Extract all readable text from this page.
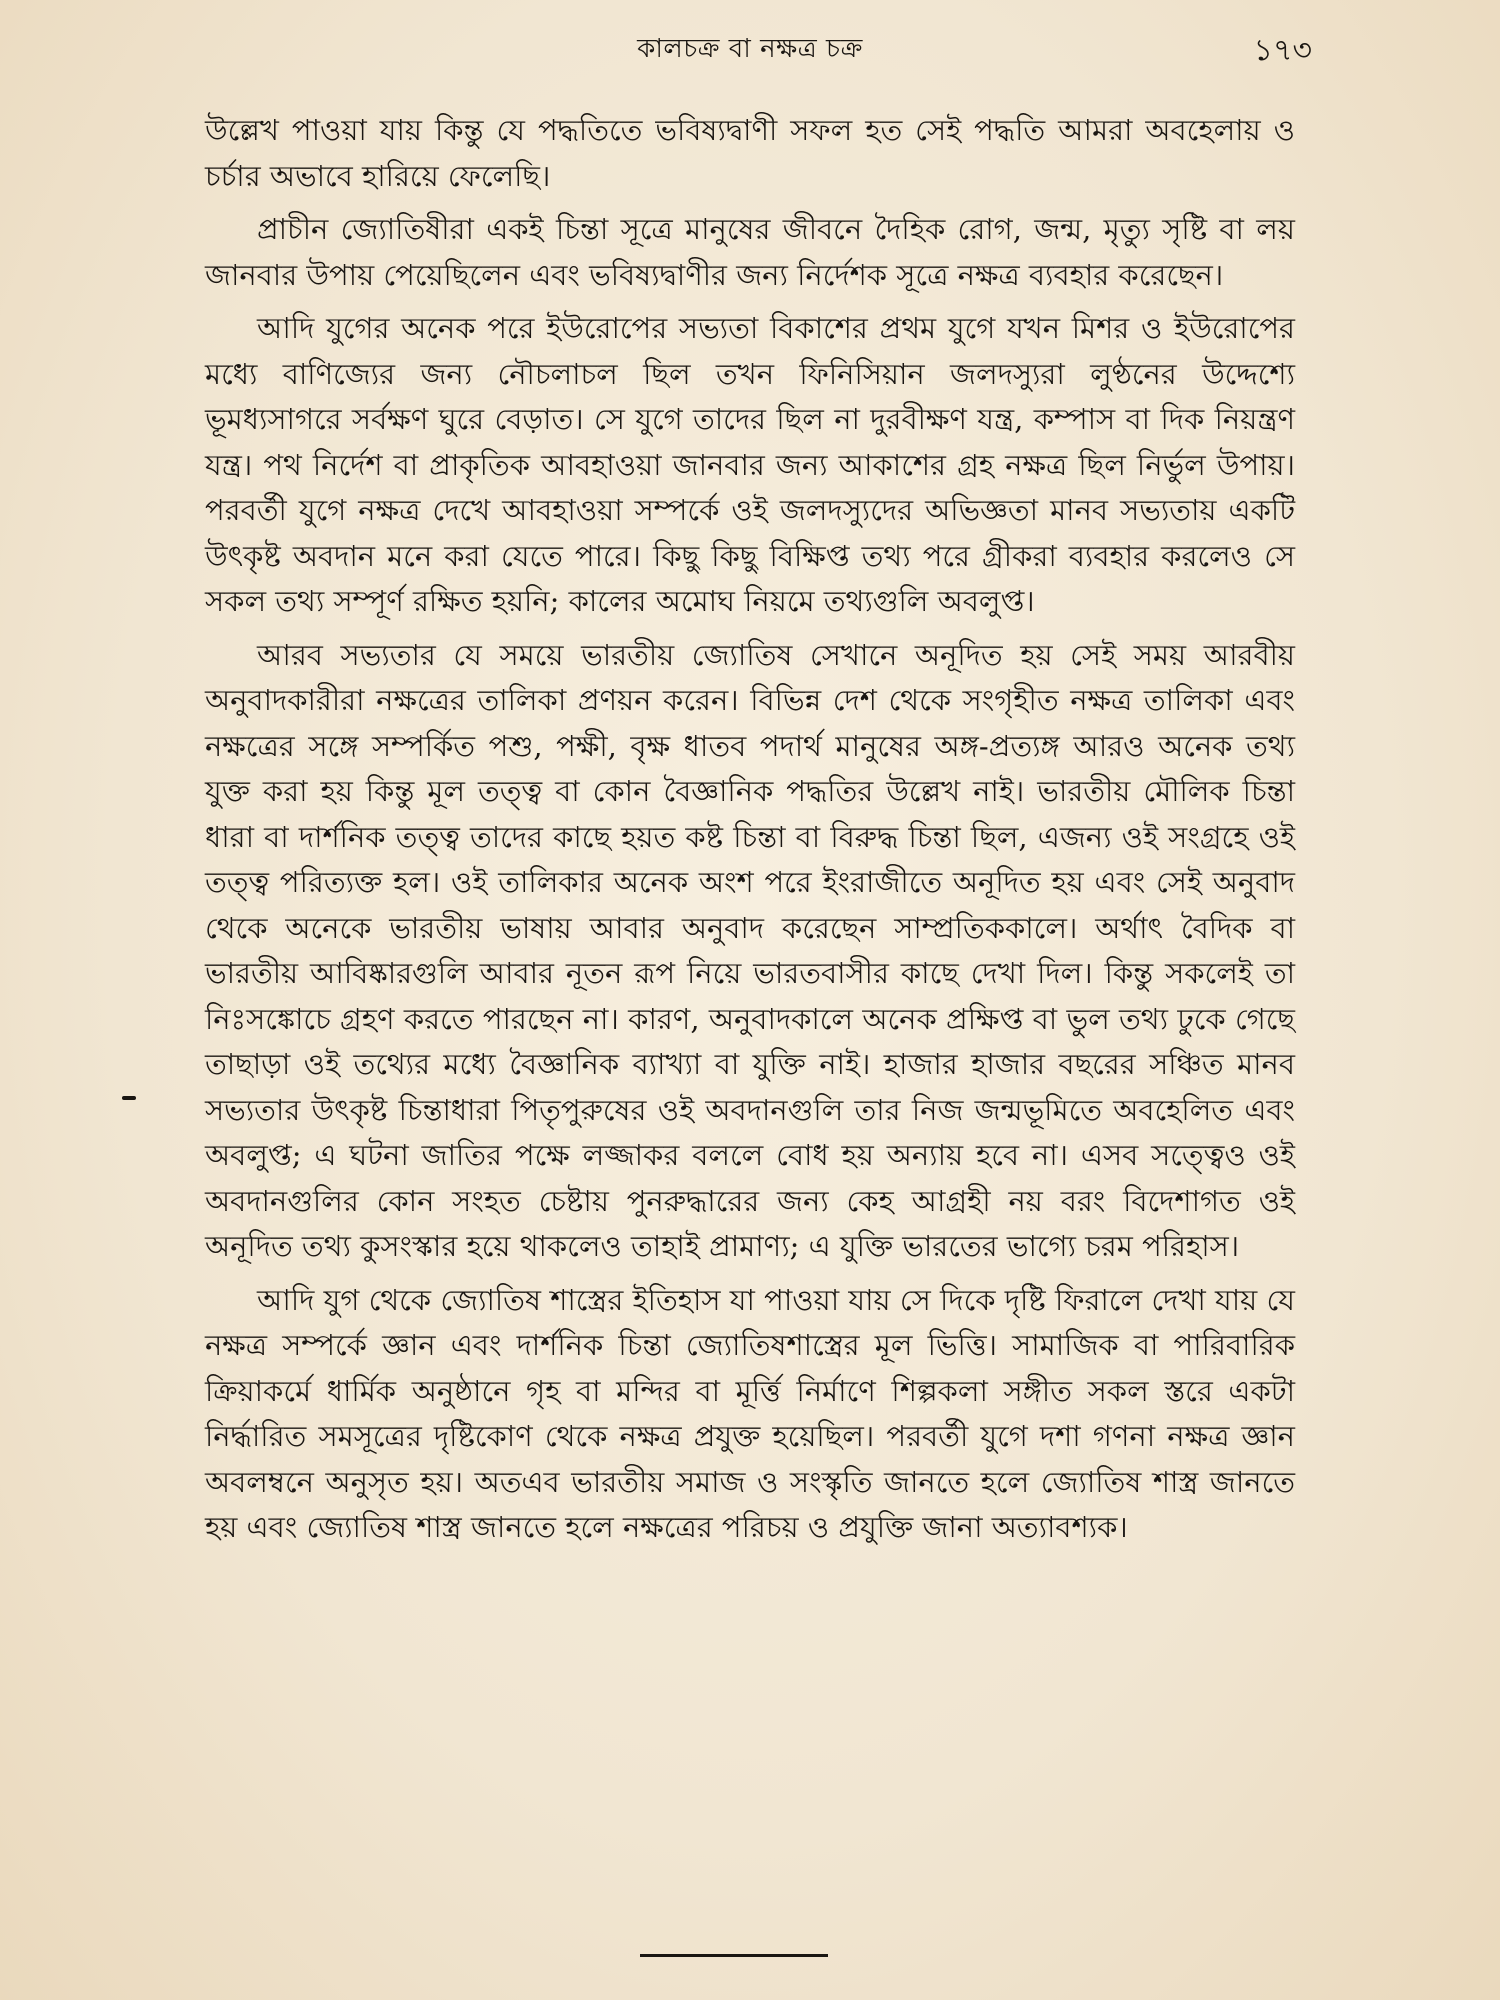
কালচক্র বা নক্ষত্র চক্র	১৭৩

উল্লেখ পাওয়া যায় কিন্তু যে পদ্ধতিতে ভবিষ্যদ্বাণী সফল হত সেই পদ্ধতি আমরা অবহেলায় ও চর্চার অভাবে হারিয়ে ফেলেছি।

প্রাচীন জ্যোতিষীরা একই চিন্তা সূত্রে মানুষের জীবনে দৈহিক রোগ, জন্ম, মৃত্যু সৃষ্টি বা লয় জানবার উপায় পেয়েছিলেন এবং ভবিষ্যদ্বাণীর জন্য নির্দেশক সূত্রে নক্ষত্র ব্যবহার করেছেন।

আদি যুগের অনেক পরে ইউরোপের সভ্যতা বিকাশের প্রথম যুগে যখন মিশর ও ইউরোপের মধ্যে বাণিজ্যের জন্য নৌচলাচল ছিল তখন ফিনিসিয়ান জলদস্যুরা লুণ্ঠনের উদ্দেশ্যে ভূমধ্যসাগরে সর্বক্ষণ ঘুরে বেড়াত। সে যুগে তাদের ছিল না দুরবীক্ষণ যন্ত্র, কম্পাস বা দিক নিয়ন্ত্রণ যন্ত্র। পথ নির্দেশ বা প্রাকৃতিক আবহাওয়া জানবার জন্য আকাশের গ্রহ নক্ষত্র ছিল নির্ভুল উপায়। পরবর্তী যুগে নক্ষত্র দেখে আবহাওয়া সম্পর্কে ওই জলদস্যুদের অভিজ্ঞতা মানব সভ্যতায় একটি উৎকৃষ্ট অবদান মনে করা যেতে পারে। কিছু কিছু বিক্ষিপ্ত তথ্য পরে গ্রীকরা ব্যবহার করলেও সে সকল তথ্য সম্পূর্ণ রক্ষিত হয়নি; কালের অমোঘ নিয়মে তথ্যগুলি অবলুপ্ত।

আরব সভ্যতার যে সময়ে ভারতীয় জ্যোতিষ সেখানে অনূদিত হয় সেই সময় আরবীয় অনুবাদকারীরা নক্ষত্রের তালিকা প্রণয়ন করেন। বিভিন্ন দেশ থেকে সংগৃহীত নক্ষত্র তালিকা এবং নক্ষত্রের সঙ্গে সম্পর্কিত পশু, পক্ষী, বৃক্ষ ধাতব পদার্থ মানুষের অঙ্গ-প্রত্যঙ্গ আরও অনেক তথ্য যুক্ত করা হয় কিন্তু মূল তত্ত্ব বা কোন বৈজ্ঞানিক পদ্ধতির উল্লেখ নাই। ভারতীয় মৌলিক চিন্তা ধারা বা দার্শনিক তত্ত্ব তাদের কাছে হয়ত কষ্ট চিন্তা বা বিরুদ্ধ চিন্তা ছিল, এজন্য ওই সংগ্রহে ওই তত্ত্ব পরিত্যক্ত হল। ওই তালিকার অনেক অংশ পরে ইংরাজীতে অনূদিত হয় এবং সেই অনুবাদ থেকে অনেকে ভারতীয় ভাষায় আবার অনুবাদ করেছেন সাম্প্রতিককালে। অর্থাৎ বৈদিক বা ভারতীয় আবিষ্কারগুলি আবার নূতন রূপ নিয়ে ভারতবাসীর কাছে দেখা দিল। কিন্তু সকলেই তা নিঃসঙ্কোচে গ্রহণ করতে পারছেন না। কারণ, অনুবাদকালে অনেক প্রক্ষিপ্ত বা ভুল তথ্য ঢুকে গেছে তাছাড়া ওই তথ্যের মধ্যে বৈজ্ঞানিক ব্যাখ্যা বা যুক্তি নাই। হাজার হাজার বছরের সঞ্চিত মানব সভ্যতার উৎকৃষ্ট চিন্তাধারা পিতৃপুরুষের ওই অবদানগুলি তার নিজ জন্মভূমিতে অবহেলিত এবং অবলুপ্ত; এ ঘটনা জাতির পক্ষে লজ্জাকর বললে বোধ হয় অন্যায় হবে না। এসব সত্ত্বেও ওই অবদানগুলির কোন সংহত চেষ্টায় পুনরুদ্ধারের জন্য কেহ আগ্রহী নয় বরং বিদেশাগত ওই অনূদিত তথ্য কুসংস্কার হয়ে থাকলেও তাহাই প্রামাণ্য; এ যুক্তি ভারতের ভাগ্যে চরম পরিহাস।

আদি যুগ থেকে জ্যোতিষ শাস্ত্রের ইতিহাস যা পাওয়া যায় সে দিকে দৃষ্টি ফিরালে দেখা যায় যে নক্ষত্র সম্পর্কে জ্ঞান এবং দার্শনিক চিন্তা জ্যোতিষশাস্ত্রের মূল ভিত্তি। সামাজিক বা পারিবারিক ক্রিয়াকর্মে ধার্মিক অনুষ্ঠানে গৃহ বা মন্দির বা মূর্ত্তি নির্মাণে শিল্পকলা সঙ্গীত সকল স্তরে একটা নির্দ্ধারিত সমসূত্রের দৃষ্টিকোণ থেকে নক্ষত্র প্রযুক্ত হয়েছিল। পরবর্তী যুগে দশা গণনা নক্ষত্র জ্ঞান অবলম্বনে অনুসৃত হয়। অতএব ভারতীয় সমাজ ও সংস্কৃতি জানতে হলে জ্যোতিষ শাস্ত্র জানতে হয় এবং জ্যোতিষ শাস্ত্র জানতে হলে নক্ষত্রের পরিচয় ও প্রযুক্তি জানা অত্যাবশ্যক।
